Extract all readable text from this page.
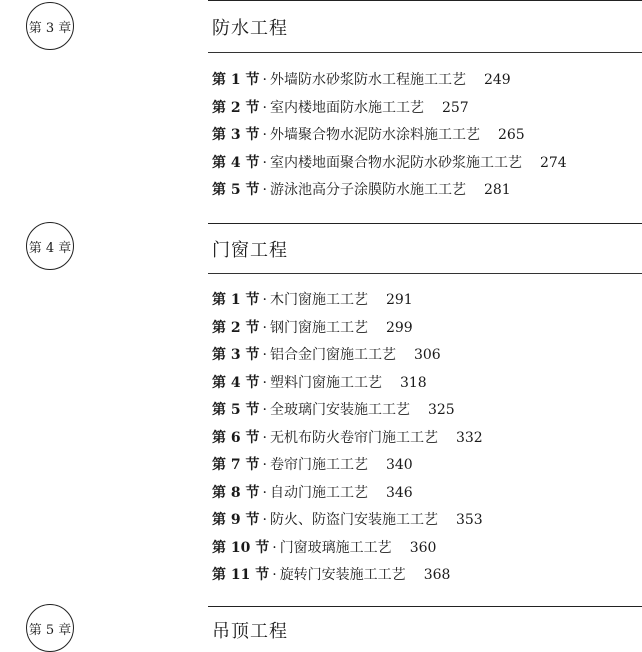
第 3 章	防水工程
第 1 节 · 外墙防水砂浆防水工程施工工艺 249
第 2 节 · 室内楼地面防水施工工艺 257
第 3 节 · 外墙聚合物水泥防水涂料施工工艺 265
第 4 节 · 室内楼地面聚合物水泥防水砂浆施工工艺 274
第 5 节 · 游泳池高分子涂膜防水施工工艺 281
第 4 章	门窗工程
第 1 节 · 木门窗施工工艺 291
第 2 节 · 钢门窗施工工艺 299
第 3 节 · 铝合金门窗施工工艺 306
第 4 节 · 塑料门窗施工工艺 318
第 5 节 · 全玻璃门安装施工工艺 325
第 6 节 · 无机布防火卷帘门施工工艺 332
第 7 节 · 卷帘门施工工艺 340
第 8 节 · 自动门施工工艺 346
第 9 节 · 防火、防盗门安装施工工艺 353
第 10 节 · 门窗玻璃施工工艺 360
第 11 节 · 旋转门安装施工工艺 368
第 5 章	吊顶工程
